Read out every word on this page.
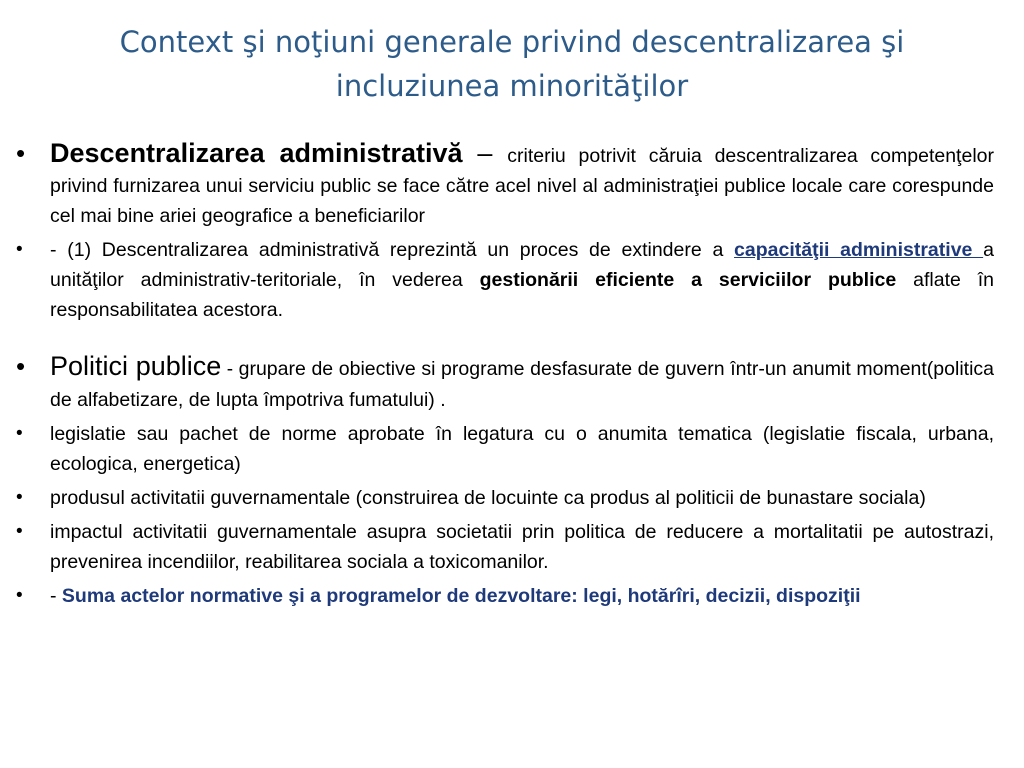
Context şi noţiuni generale privind descentralizarea şi incluziunea minorităţilor
• Descentralizarea administrativă – criteriu potrivit căruia descentralizarea competenţelor privind furnizarea unui serviciu public se face către acel nivel al administraţiei publice locale care corespunde cel mai bine ariei geografice a beneficiarilor
•	- (1) Descentralizarea administrativă reprezintă un proces de extindere a capacităţii administrative a unităţilor administrativ-teritoriale, în vederea gestionării eficiente a serviciilor publice aflate în responsabilitatea acestora.
• Politici publice - grupare de obiective si programe desfasurate de guvern într-un anumit moment(politica de alfabetizare, de lupta împotriva fumatului) .
•	legislatie sau pachet de norme aprobate în legatura cu o anumita tematica (legislatie fiscala, urbana, ecologica, energetica)
•	produsul activitatii guvernamentale (construirea de locuinte ca produs al politicii de bunastare sociala)
•	impactul activitatii guvernamentale asupra societatii prin politica de reducere a mortalitatii pe autostrazi, prevenirea incendiilor, reabilitarea sociala a toxicomanilor.
•	- Suma actelor normative şi a programelor de dezvoltare: legi, hotărîri, decizii, dispoziţii
